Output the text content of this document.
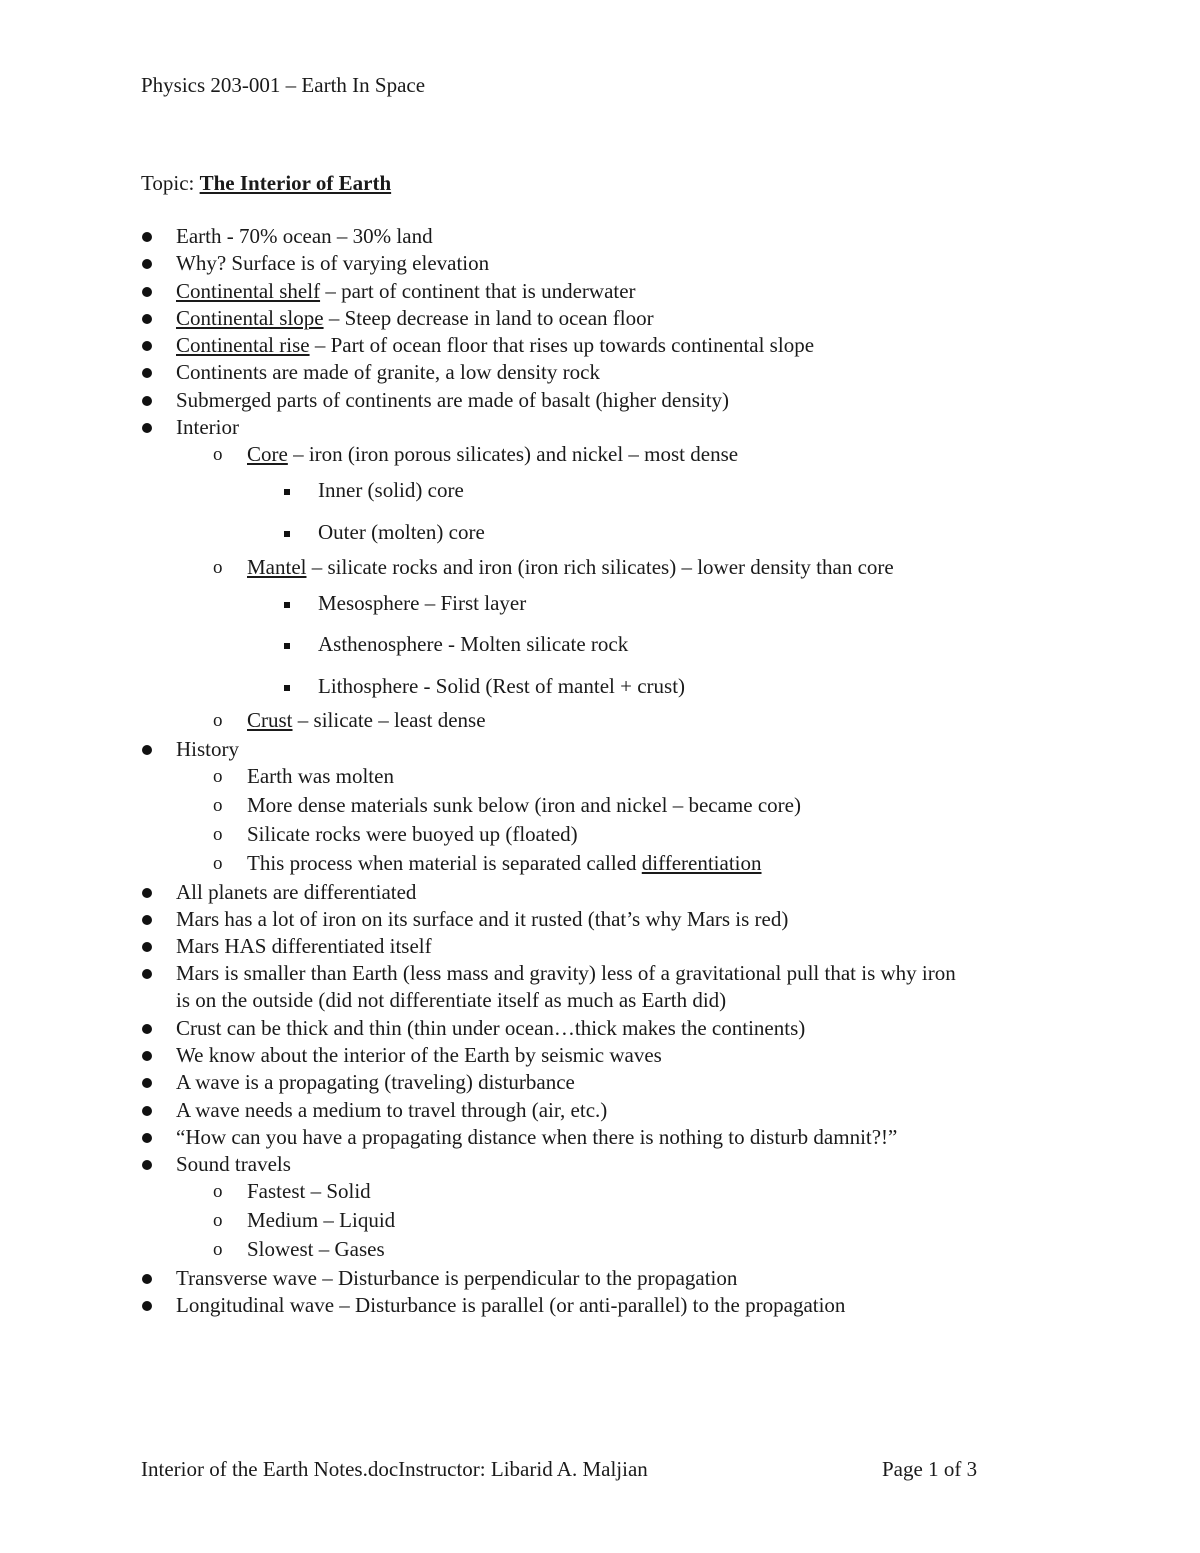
Physics 203-001 – Earth In Space
Topic: The Interior of Earth
Earth - 70% ocean – 30% land
Why? Surface is of varying elevation
Continental shelf – part of continent that is underwater
Continental slope – Steep decrease in land to ocean floor
Continental rise – Part of ocean floor that rises up towards continental slope
Continents are made of granite, a low density rock
Submerged parts of continents are made of basalt (higher density)
Interior
o Core – iron (iron porous silicates) and nickel – most dense
Inner (solid) core
Outer (molten) core
o Mantel – silicate rocks and iron (iron rich silicates) – lower density than core
Mesosphere – First layer
Asthenosphere - Molten silicate rock
Lithosphere - Solid (Rest of mantel + crust)
o Crust – silicate – least dense
History
o Earth was molten
o More dense materials sunk below (iron and nickel – became core)
o Silicate rocks were buoyed up (floated)
o This process when material is separated called differentiation
All planets are differentiated
Mars has a lot of iron on its surface and it rusted (that’s why Mars is red)
Mars HAS differentiated itself
Mars is smaller than Earth (less mass and gravity) less of a gravitational pull that is why iron
is on the outside (did not differentiate itself as much as Earth did)
Crust can be thick and thin (thin under ocean…thick makes the continents)
We know about the interior of the Earth by seismic waves
A wave is a propagating (traveling) disturbance
A wave needs a medium to travel through (air, etc.)
“How can you have a propagating distance when there is nothing to disturb damnit?!”
Sound travels
o Fastest – Solid
o Medium – Liquid
o Slowest – Gases
Transverse wave – Disturbance is perpendicular to the propagation
Longitudinal wave – Disturbance is parallel (or anti-parallel) to the propagation
Interior of the Earth Notes.docInstructor: Libarid A. Maljian	Page 1 of 3
